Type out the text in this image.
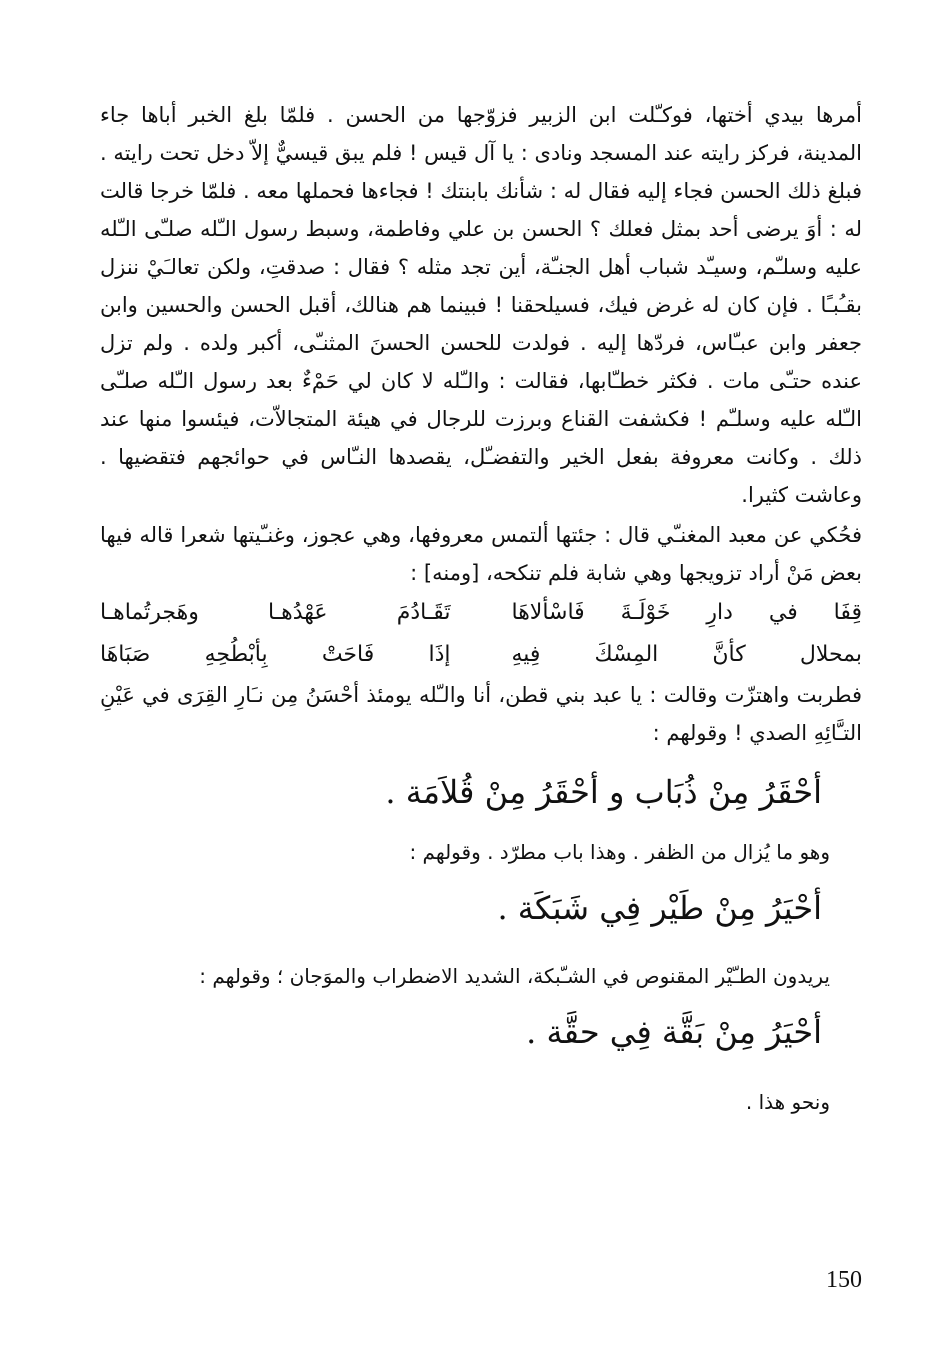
أمرها بيدي أختها، فوكـّلت ابن الزبير فزوّجها من الحسن . فلمّا بلغ الخبر أباها جاء المدينة، فركز رايته عند المسجد ونادى : يا آل قيس ! فلم يبق قيسيٌّ إلاّ دخل تحت رايته . فبلغ ذلك الحسن فجاء إليه فقال له : شأنك بابنتك ! فجاءها فحملها معه . فلمّا خرجا قالت له : أوَ يرضى أحد بمثل فعلك ؟ الحسن بن علي وفاطمة، وسبط رسول الـّله صلـّى الـّله عليه وسلـّم، وسيـّد شباب أهل الجنـّة، أين تجد مثله ؟ فقال : صدقتِ، ولكن تعالـَيْ ننزل بقـُبـًا . فإن كان له غرض فيك، فسيلحقنا ! فبينما هم هنالك، أقبل الحسن والحسين وابن جعفر وابن عبـّاس، فردّها إليه . فولدت للحسن الحسنَ المثنـّى، أكبر ولده . ولم تزل عنده حتـّى مات . فكثر خطـّابها، فقالت : والـّله لا كان لي حَمْءٌ بعد رسول الـّله صلـّى الـّله عليه وسلـّم ! فكشفت القناع وبرزت للرجال في هيئة المتجالاّت، فيئسوا منها عند ذلك . وكانت معروفة بفعل الخير والتفضـّل، يقصدها النـّاس في حوائجهم فتقضيها . وعاشت كثيرا.

فحُكي عن معبد المغنـّي قال : جئتها ألتمس معروفها، وهي عجوز، وغنـّيتها شعرا قاله فيها بعض مَنْ أراد تزويجها وهي شابة فلم تنكحه، [ومنه] :

قِفَا في دارِ خَوْلَـةَ فَاسْألاهَا
تَقَـادُمَ عَهْدُهـا وهَجرتُماهـا
بمحلال كأنَّ المِسْكَ فِيهِ
إذَا فَاحَتْ بِأبْطُحِهِ صَبَاهَا

فطربت واهتزّت وقالت : يا عبد بني قطن، أنا والـّله يومئذ أحْسَنُ مِن نـَارِ القِرَى في عَيْنِ التـَّائِهِ الصدي ! وقولهم :

أحْقَرُ مِنْ ذُبَاب و أحْقَرُ مِنْ قُلاَمَة .

وهو ما يُزال من الظفر . وهذا باب مطرّد . وقولهم :

أحْيَرُ مِنْ طَيْر فِي شَبَكَة .

يريدون الطـّيْر المقنوص في الشـّبكة، الشديد الاضطراب والموَجان ؛ وقولهم :

أحْيَرُ مِنْ بَقَّة فِي حقَّة .

ونحو هذا .

150
